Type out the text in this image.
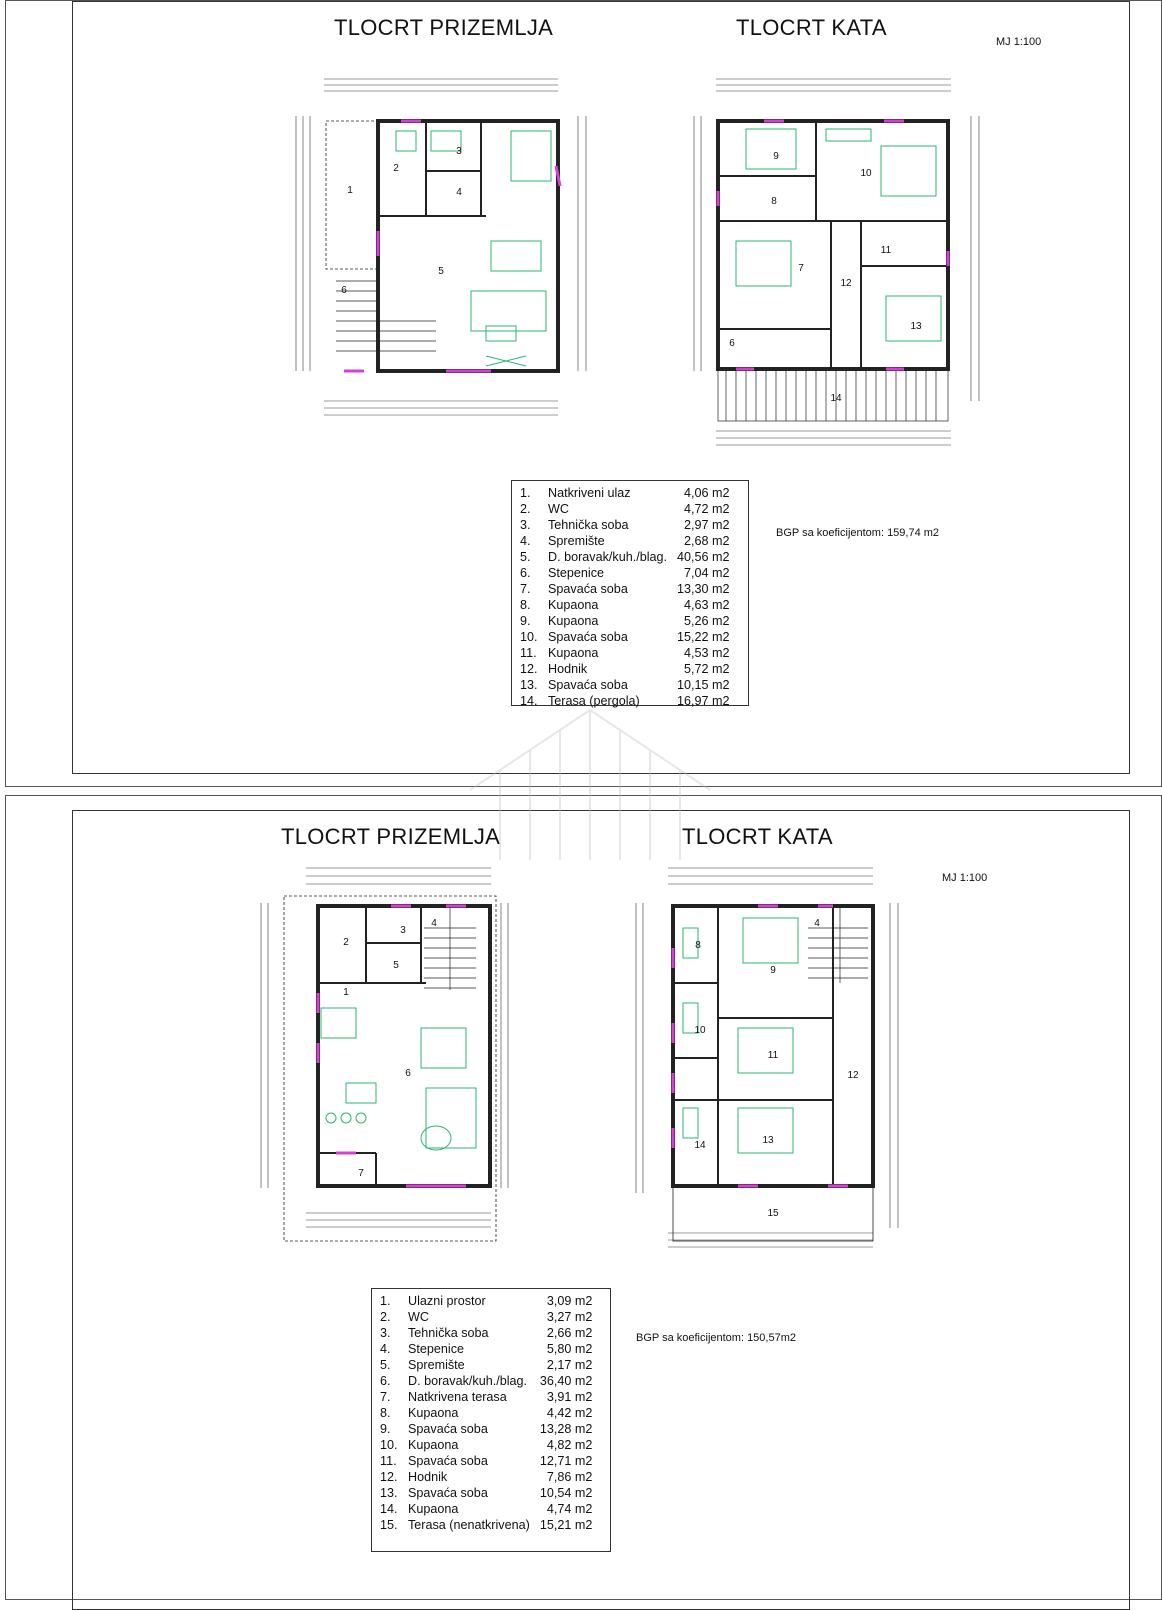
TLOCRT PRIZEMLJA	TLOCRT KATA
MJ 1:100
1
2
3
4
5
6
6
7
8
9
10
11
12
13
14
1.	Natkriveni ulaz	4,06 m2
2.	WC	4,72 m2
3.	Tehnička soba	2,97 m2
4.	Spremište	2,68 m2
5.	D. boravak/kuh./blag.	40,56 m2
6.	Stepenice	7,04 m2
7.	Spavaća soba	13,30 m2
8.	Kupaona	4,63 m2
9.	Kupaona	5,26 m2
10.	Spavaća soba	15,22 m2
11.	Kupaona	4,53 m2
12.	Hodnik	5,72 m2
13.	Spavaća soba	10,15 m2
14.	Terasa (pergola)	16,97 m2
BGP sa koeficijentom: 159,74 m2
TLOCRT PRIZEMLJA	TLOCRT KATA
MJ 1:100
1
2
3
4
5
6
7
4
8
9
10
11
12
13
14
15
1.	Ulazni prostor	3,09 m2
2.	WC	3,27 m2
3.	Tehnička soba	2,66 m2
4.	Stepenice	5,80 m2
5.	Spremište	2,17 m2
6.	D. boravak/kuh./blag.	36,40 m2
7.	Natkrivena terasa	3,91 m2
8.	Kupaona	4,42 m2
9.	Spavaća soba	13,28 m2
10.	Kupaona	4,82 m2
11.	Spavaća soba	12,71 m2
12.	Hodnik	7,86 m2
13.	Spavaća soba	10,54 m2
14.	Kupaona	4,74 m2
15.	Terasa (nenatkrivena)	15,21 m2
BGP sa koeficijentom: 150,57m2
